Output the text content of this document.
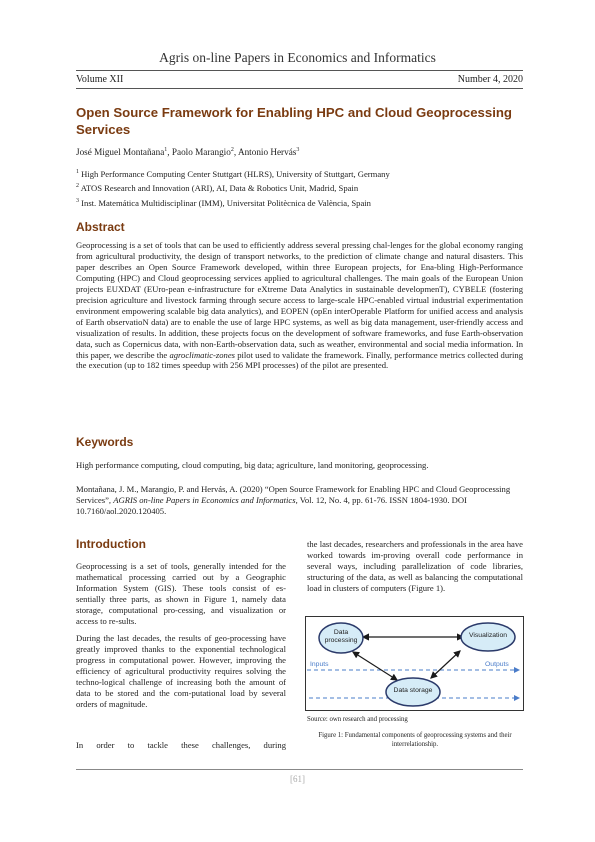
Agris on-line Papers in Economics and Informatics
Volume XII	Number 4, 2020
Open Source Framework for Enabling HPC and Cloud Geoprocessing Services
José Miguel Montañana$^1$, Paolo Marangio$^2$, Antonio Hervás$^3$
$^1$ High Performance Computing Center Stuttgart (HLRS), University of Stuttgart, Germany
$^2$ ATOS Research and Innovation (ARI), AI, Data & Robotics Unit, Madrid, Spain
$^3$ Inst. Matemática Multidisciplinar (IMM), Universitat Politècnica de València, Spain
Abstract
Geoprocessing is a set of tools that can be used to efficiently address several pressing chal-lenges for the global economy ranging from agricultural productivity, the design of transport networks, to the prediction of climate change and natural disasters. This paper describes an Open Source Framework developed, within three European projects, for Ena-bling High-Performance Computing (HPC) and Cloud geoprocessing services applied to agricultural challenges. The main goals of the European Union projects EUXDAT (EUro-pean e-infrastructure for eXtreme Data Analytics in sustainable developmenT), CYBELE (fostering precision agriculture and livestock farming through secure access to large-scale HPC-enabled virtual industrial experimentation environment empowering scalable big data analytics), and EOPEN (opEn interOperable Platform for unified access and analysis of Earth observatioN data) are to enable the use of large HPC systems, as well as big data management, user-friendly access and visualization of results. In addition, these projects focus on the development of software frameworks, and fuse Earth-observation data, such as Copernicus data, with non-Earth-observation data, such as weather, environmental and social media information. In this paper, we describe the agroclimatic-zones pilot used to validate the framework. Finally, performance metrics collected during the execution (up to 182 times speedup with 256 MPI processes) of the pilot are presented.
Keywords
High performance computing, cloud computing, big data; agriculture, land monitoring, geoprocessing.
Montañana, J. M., Marangio, P. and Hervás, A. (2020) “Open Source Framework for Enabling HPC and Cloud Geoprocessing Services”, AGRIS on-line Papers in Economics and Informatics, Vol. 12, No. 4, pp. 61-76. ISSN 1804-1930. DOI 10.7160/aol.2020.120405.
Introduction
Geoprocessing is a set of tools, generally intended for the mathematical processing carried out by a Geographic Information System (GIS). These tools consist of es-sentially three parts, as shown in Figure 1, namely data storage, computational pro-cessing, and visualization or access to re-sults.
During the last decades, the results of geo-processing have greatly improved thanks to the exponential technological progress in computational power. However, improving the efficiency of agricultural productivity requires solving the techno-logical challenge of increasing both the amount of data to be stored and the com-putational load by several orders of magnitude.
In order to tackle these challenges, during
the last decades, researchers and professionals in the area have worked towards im-proving overall code performance in several ways, including parallelization of code libraries, structuring of the data, as well as balancing the computational load in clusters of computers (Figure 1).
Data processing
Visualization
Data storage
Inputs	Outputs
Source: own research and processing
Figure 1: Fundamental components of geoprocessing systems and their interrelationship.
[61]
